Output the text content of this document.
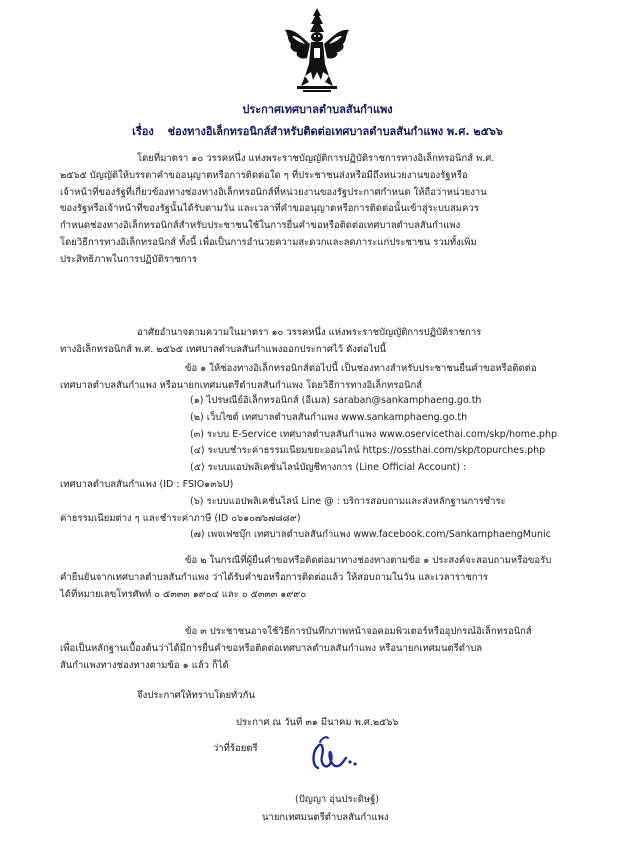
ประกาศเทศบาลตำบลสันกำแพง
เรื่อง ช่องทางอิเล็กทรอนิกส์สำหรับติดต่อเทศบาลตำบลสันกำแพง พ.ศ. ๒๕๖๖
โดยที่มาตรา ๑๐ วรรคหนึ่ง แห่งพระราชบัญญัติการปฏิบัติราชการทางอิเล็กทรอนิกส์ พ.ศ.
๒๕๖๕ บัญญัติให้บรรดาคำขออนุญาตหรือการติดต่อใด ๆ ที่ประชาชนส่งหรือมีถึงหน่วยงานของรัฐหรือ
เจ้าหน้าที่ของรัฐที่เกี่ยวข้องทางช่องทางอิเล็กทรอนิกส์ที่หน่วยงานของรัฐประกาศกำหนด ให้ถือว่าหน่วยงาน
ของรัฐหรือเจ้าหน้าที่ของรัฐนั้นได้รับตามวัน และเวลาที่คำขออนุญาตหรือการติดต่อนั้นเข้าสู่ระบบสมควร
กำหนดช่องทางอิเล็กทรอนิกส์สำหรับประชาชนใช้ในการยื่นคำขอหรือติดต่อเทศบาลตำบลสันกำแพง
โดยวิธีการทางอิเล็กทรอนิกส์ ทั้งนี้ เพื่อเป็นการอำนวยความสะดวกและลดภาระแก่ประชาชน รวมทั้งเพิ่ม
ประสิทธิภาพในการปฏิบัติราชการ
อาศัยอำนาจตามความในมาตรา ๑๐ วรรคหนึ่ง แห่งพระราชบัญญัติการปฏิบัติราชการ
ทางอิเล็กทรอนิกส์ พ.ศ. ๒๕๖๕ เทศบาลตำบลสันกำแพงออกประกาศไว้ ดังต่อไปนี้
ข้อ ๑ ให้ช่องทางอิเล็กทรอนิกส์ต่อไปนี้ เป็นช่องทางสำหรับประชาชนยื่นคำขอหรือติดต่อ
เทศบาลตำบลสันกำแพง หรือนายกเทศมนตรีตำบลสันกำแพง โดยวิธีการทางอิเล็กทรอนิกส์
(๑) ไปรษณีย์อิเล็กทรอนิกส์ (อีเมล) saraban@sankamphaeng.go.th
(๒) เว็บไซต์ เทศบาลตำบลสันกำแพง www.sankamphaeng.go.th
(๓) ระบบ E-Service เทศบาลตำบลสันกำแพง www.oservicethai.com/skp/home.php
(๔) ระบบชำระค่าธรรมเนียมขยะออนไลน์ https://ossthai.com/skp/topurches.php
(๕) ระบบแอปพลิเคชั่นไลน์บัญชีทางการ (Line Official Account) :
เทศบาลตำบลสันกำแพง (ID : FSIO๑๓๖U)
(๖) ระบบแอปพลิเคชั่นไลน์ Line @ : บริการสอบถามและส่งหลักฐานการชำระ
ค่าธรรมเนียมต่าง ๆ และชำระค่าภาษี (ID ๐๖๑๐๗๖๗๘๘๙)
(๗) เพจเฟซบุ๊ก เทศบาลตำบลสันกำแพง www.facebook.com/SankamphaengMunic
ข้อ ๒ ในกรณีที่ผู้ยื่นคำขอหรือติดต่อมาทางช่องทางตามข้อ ๑ ประสงค์จะสอบถามหรือขอรับ
คำยืนยันจากเทศบาลตำบลสันกำแพง ว่าได้รับคำขอหรือการติดต่อแล้ว ให้สอบถามในวัน และเวลาราชการ
ได้ที่หมายเลขโทรศัพท์ ๐ ๕๓๓๓ ๑๙๐๔ และ ๐ ๕๓๓๓ ๑๙๙๐
ข้อ ๓ ประชาชนอาจใช้วิธีการบันทึกภาพหน้าจอคอมพิวเตอร์หรืออุปกรณ์อิเล็กทรอนิกส์
เพื่อเป็นหลักฐานเบื้องต้นว่าได้มีการยื่นคำขอหรือติดต่อเทศบาลตำบลสันกำแพง หรือนายกเทศมนตรีตำบล
สันกำแพงทางช่องทางตามข้อ ๑ แล้ว ก็ได้
จึงประกาศให้ทราบโดยทั่วกัน
ประกาศ ณ วันที่ ๓๑ มีนาคม พ.ศ.๒๕๖๖
ว่าที่ร้อยตรี
(ปัญญา อุ่นประดิษฐ์)
นายกเทศมนตรีตำบลสันกำแพง
